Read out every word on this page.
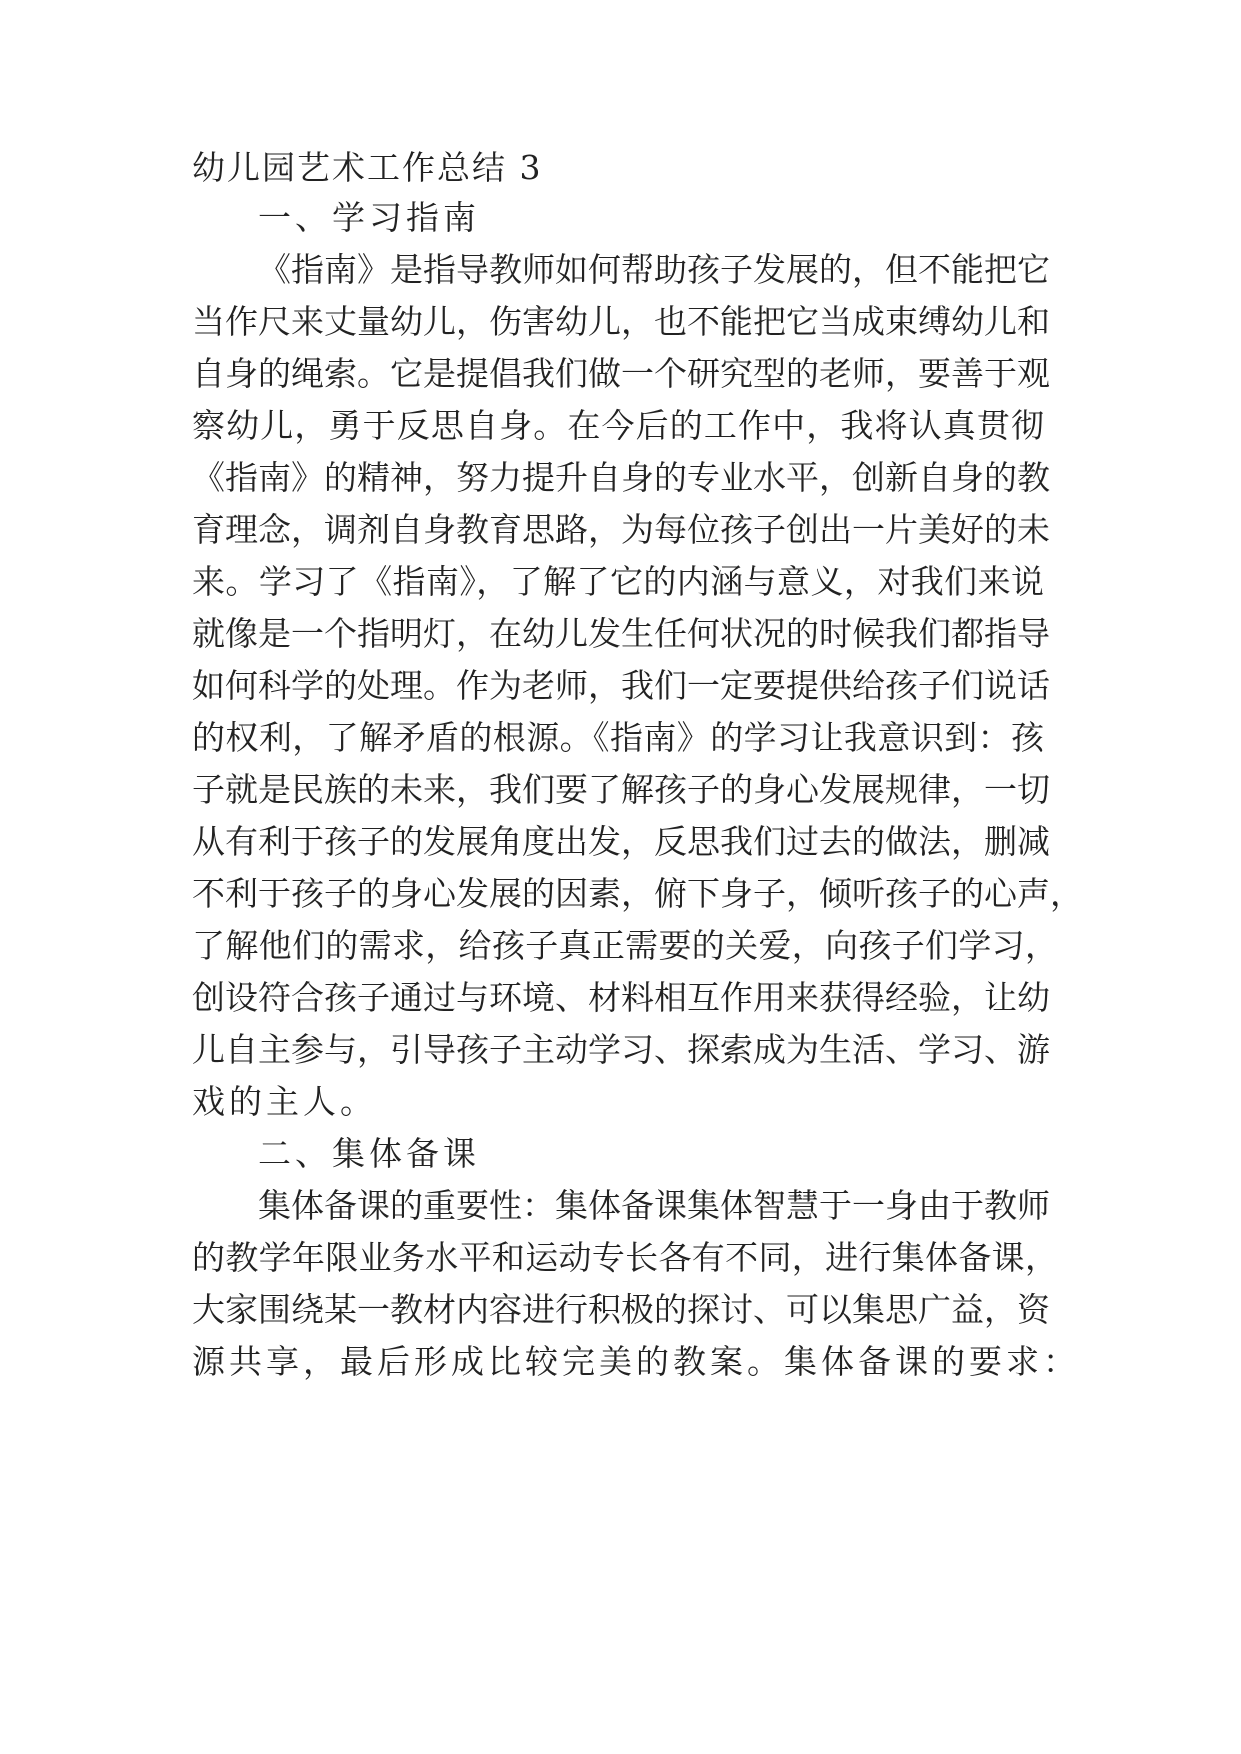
幼儿园艺术工作总结 3
一、学习指南
《指南》是指导教师如何帮助孩子发展的，但不能把它
当作尺来丈量幼儿，伤害幼儿，也不能把它当成束缚幼儿和
自身的绳索。它是提倡我们做一个研究型的老师，要善于观
察幼儿，勇于反思自身。在今后的工作中，我将认真贯彻
《指南》的精神，努力提升自身的专业水平，创新自身的教
育理念，调剂自身教育思路，为每位孩子创出一片美好的未
来。学习了《指南》，了解了它的内涵与意义，对我们来说
就像是一个指明灯，在幼儿发生任何状况的时候我们都指导
如何科学的处理。作为老师，我们一定要提供给孩子们说话
的权利，了解矛盾的根源。《指南》的学习让我意识到：孩
子就是民族的未来，我们要了解孩子的身心发展规律，一切
从有利于孩子的发展角度出发，反思我们过去的做法，删减
不利于孩子的身心发展的因素，俯下身子，倾听孩子的心声，
了解他们的需求，给孩子真正需要的关爱，向孩子们学习，
创设符合孩子通过与环境、材料相互作用来获得经验，让幼
儿自主参与，引导孩子主动学习、探索成为生活、学习、游
戏的主人。
二、集体备课
集体备课的重要性：集体备课集体智慧于一身由于教师
的教学年限业务水平和运动专长各有不同，进行集体备课，
大家围绕某一教材内容进行积极的探讨、可以集思广益，资
源共享，最后形成比较完美的教案。集体备课的要求：
